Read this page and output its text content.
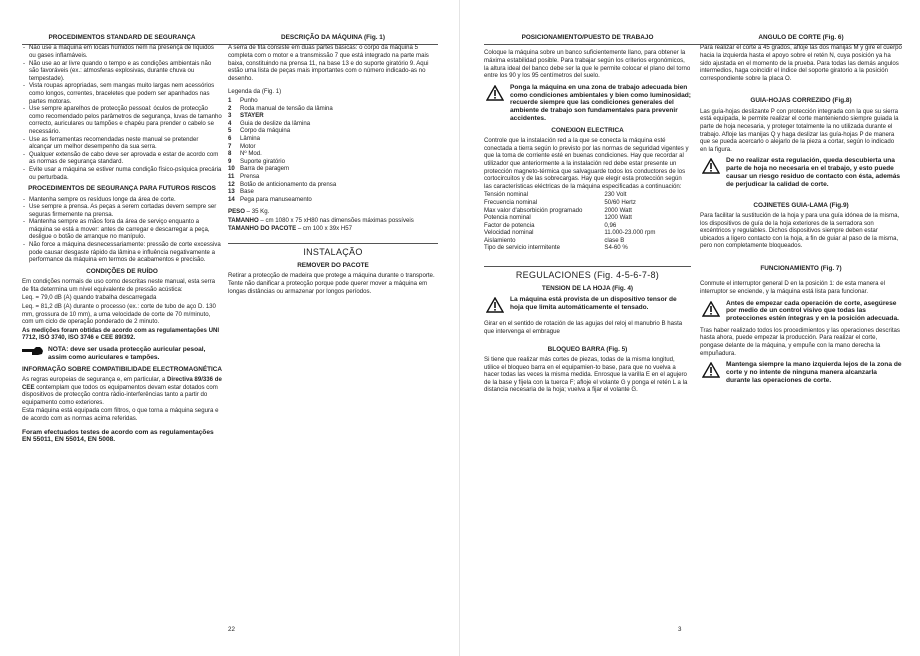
PROCEDIMENTOS STANDARD DE SEGURANÇA
- Não use a máquina em locais húmidos nem na presença de líquidos ou gases inflamáveis.
- Não use ao ar livre quando o tempo e as condições ambientais não são favoráveis (ex.: atmosferas explosivas, durante chuva ou tempestade).
- Vista roupas apropriadas, sem mangas muito largas nem acessórios como longos, correntes, braceletes que podem ser apanhados nas partes motoras.
- Use sempre aparelhos de protecção pessoal: óculos de protecção como recomendado pelos parâmetros de segurança, luvas de tamanho correcto, auriculares ou tampões e chapéu para prender o cabelo se necessário.
- Use as ferramentas recomendadas neste manual se pretender alcançar um melhor desempenho da sua serra.
- Qualquer extensão de cabo deve ser aprovada e estar de acordo com as normas de segurança standard.
- Evite usar a máquina se estiver numa condição físico-psíquica precária ou perturbada.
PROCEDIMENTOS DE SEGURANÇA PARA FUTUROS RISCOS
- Mantenha sempre os resíduos longe da área de corte.
- Use sempre a prensa. As peças a serem cortadas devem sempre ser seguras firmemente na prensa.
- Mantenha sempre as mãos fora da área de serviço enquanto a máquina se está a mover: antes de carregar e descarregar a peça, desligue o botão de arranque no manípulo.
- Não force a máquina desnecessariamente: pressão de corte excessiva pode causar desgaste rápido da lâmina e influência negativamente a performance da máquina em termos de acabamentos e precisão.
CONDIÇÕES DE RUÍDO

Em condições normais de uso como descritas neste manual, esta serra de fita determina um nível equivalente de pressão acústica:

Leq. = 79,0 dB (A) quando trabalha descarregada

Leq. = 81,2 dB (A) durante o processo (ex.: corte de tubo de aço D. 130 mm, grossura de 10 mm), a uma velocidade de corte de 70 m/minuto, com um ciclo de operação ponderado de 2 minuto.

As medições foram obtidas de acordo com as regulamentações UNI 7712, ISO 3740, ISO 3746 e CEE 89/392.

NOTA: deve ser usada protecção auricular pesoal, assim como auriculares e tampões.

INFORMAÇÃO SOBRE COMPATIBILIDADE ELECTROMAGNÉTICA

As regras europeias de segurança e, em particular, a Directiva 89/336 de CEE contemplam que todos os equipamentos devam estar dotados com dispositivos de protecção contra rádio-interferências tanto a partir do equipamento como exteriores.

Esta máquina está equipada com filtros, o que torna a máquina segura e de acordo com as normas acima referidas.

Foram efectuados testes de acordo com as regulamentações EN 55011, EN 55014, EN 5008.

DESCRIÇÃO DA MÁQUINA (Fig. 1)

A serra de fita consiste em duas partes básicas: o corpo da máquina 5 completa com o motor e a transmissão 7 que está integrado na parte mais baixa, constituindo na prensa 11, na base 13 e do suporte giratório 9. Aqui estão uma lista de peças mais importantes com o número indicado-as no desenho.

Legenda da (Fig. 1)

1 Punho
2 Roda manual de tensão da lâmina
3 STAYER
4 Guia de deslize da lâmina
5 Corpo da máquina
6 Lâmina
7 Motor
8 Nº Mod.
9 Suporte giratório
10 Barra de paragem
11 Prensa
12 Botão de anticionamento da prensa
13 Base
14 Pega para manuseamento

PESO – 35 Kg.

TAMANHO – cm 1080 x 75 xH80 nas dimensões máximas possíveis

TAMANHO DO PACOTE – cm 100 x 39x H57

INSTALAÇÃO
REMOVER DO PACOTE

Retirar a protecção de madeira que protege a máquina durante o transporte. Tente não danificar a protecção porque pode querer mover a máquina em longas distâncias ou armazenar por longos períodos.

22
POSICIONAMIENTO/PUESTO DE TRABAJO

Coloque la máquina sobre un banco suficientemente llano, para obtener la máxima estabilidad posible. Para trabajar según los criterios ergonómicos, la altura ideal del banco debe ser la que le permite colocar el plano del torno entre los 90 y los 95 centímetros del suelo.

Ponga la máquina en una zona de trabajo adecuada bien como condiciones ambientales y bien como luminosidad; recuerde siempre que las condiciones generales del ambiente de trabajo son fundamentales para prevenir accidentes.

CONEXION ELECTRICA

Controle que la instalación red a la que se conecta la máquina esté conectada a tierra según lo previsto por las normas de seguridad vigentes y que la toma de corriente esté en buenas condiciones. Hay que recordar al utilizador que anteriormente a la instalación red debe estar presente un protección magneto-térmica que salvaguarde todos los conductores de los cortocircuitos y de las sobrecargas. Hay que elegir esta protección según las características eléctricas de la máquina especificadas a continuación:

Tensión nominal	230 Volt
Frecuencia nominal	50/60 Hertz
Max valor d'absorbición programado	2000 Watt
Potencia nominal	1200 Watt
Factor de potencia	0,96
Velocidad nominal	11.000-23.000 rpm
Aislamiento	clase B
Tipo de servicio intermitente	S4-60 %
REGULACIONES (Fig. 4-5-6-7-8)
TENSION DE LA HOJA (Fig. 4)

La máquina está provista de un dispositivo tensor de hoja que limita automáticamente el tensado.

Girar en el sentido de rotación de las agujas del reloj el manubrio B hasta que intervenga el embrague

BLOQUEO BARRA (Fig. 5)

Si tiene que realizar más cortes de piezas, todas de la misma longitud, utilice el bloqueo barra en el equipamien-to base, para que no vuelva a hacer todas las veces la misma medida. Enrosque la varilla E en el agujero de la base y fíjela con la tuerca F; afloje el volante G y ponga el retén L a la distancia necesaria de la hoja; vuelva a fijar el volante G.

ANGULO DE CORTE (Fig. 6)

Para realizar el corte a 45 grados, afloje las dos manijas M y gire el cuerpo hacia la izquierda hasta el apoyo sobre el retén N, cuya posición ya ha sido ajustada en el momento de la prueba. Para todas las demás angulos intermedios, haga coincidir el índice del soporte giratorio a la posición correspondiente sobre la placa O.

GUIA-HOJAS CORREZIDO (Fig.8)

Las guía-hojas deslizante P con protección integrada con la que su sierra está equipada, le permite realizar el corte manteniendo siempre guiada la parte de hoja necesaria, y proteger totalmente la no utilizada durante el trabajo. Afloje las manijas Q y haga deslizar las guía-hojas P de manera que se pueda acercarlo o alejarlo de la pieza a cortar, según lo indicado en la figura.

De no realizar esta regulación, queda descubierta una parte de hoja no necesaria en el trabajo, y esto puede causar un riesgo residuo de contacto con ésta, además de perjudicar la calidad de corte.

COJINETES GUIA-LAMA (Fig.9)

Para facilitar la sustitución de la hoja y para una guía idónea de la misma, los dispositivos de guía de la hoja exteriores de la serradora son excéntricos y regulables. Dichos dispositivos siempre deben estar ubicados a ligero contacto con la hoja, a fin de guiar al paso de la misma, pero non completamente bloqueados.

FUNCIONAMIENTO (Fig. 7)

Conmute el interruptor general D en la posición 1: de esta manera el interruptor se enciende, y la máquina está lista para funcionar.

Antes de empezar cada operación de corte, asegúrese por medio de un control visivo que todas las protecciones estén íntegras y en la posición adecuada.

Tras haber realizado todos los procedimientos y las operaciones descritas hasta ahora, puede empezar la producción. Para realizar el corte, pongase delante de la máquina, y empuñe con la mano derecha la empuñadura.

Mantenga siempre la mano izquierda lejos de la zona de corte y no intente de ninguna manera alcanzarla durante las operaciones de corte.

3
